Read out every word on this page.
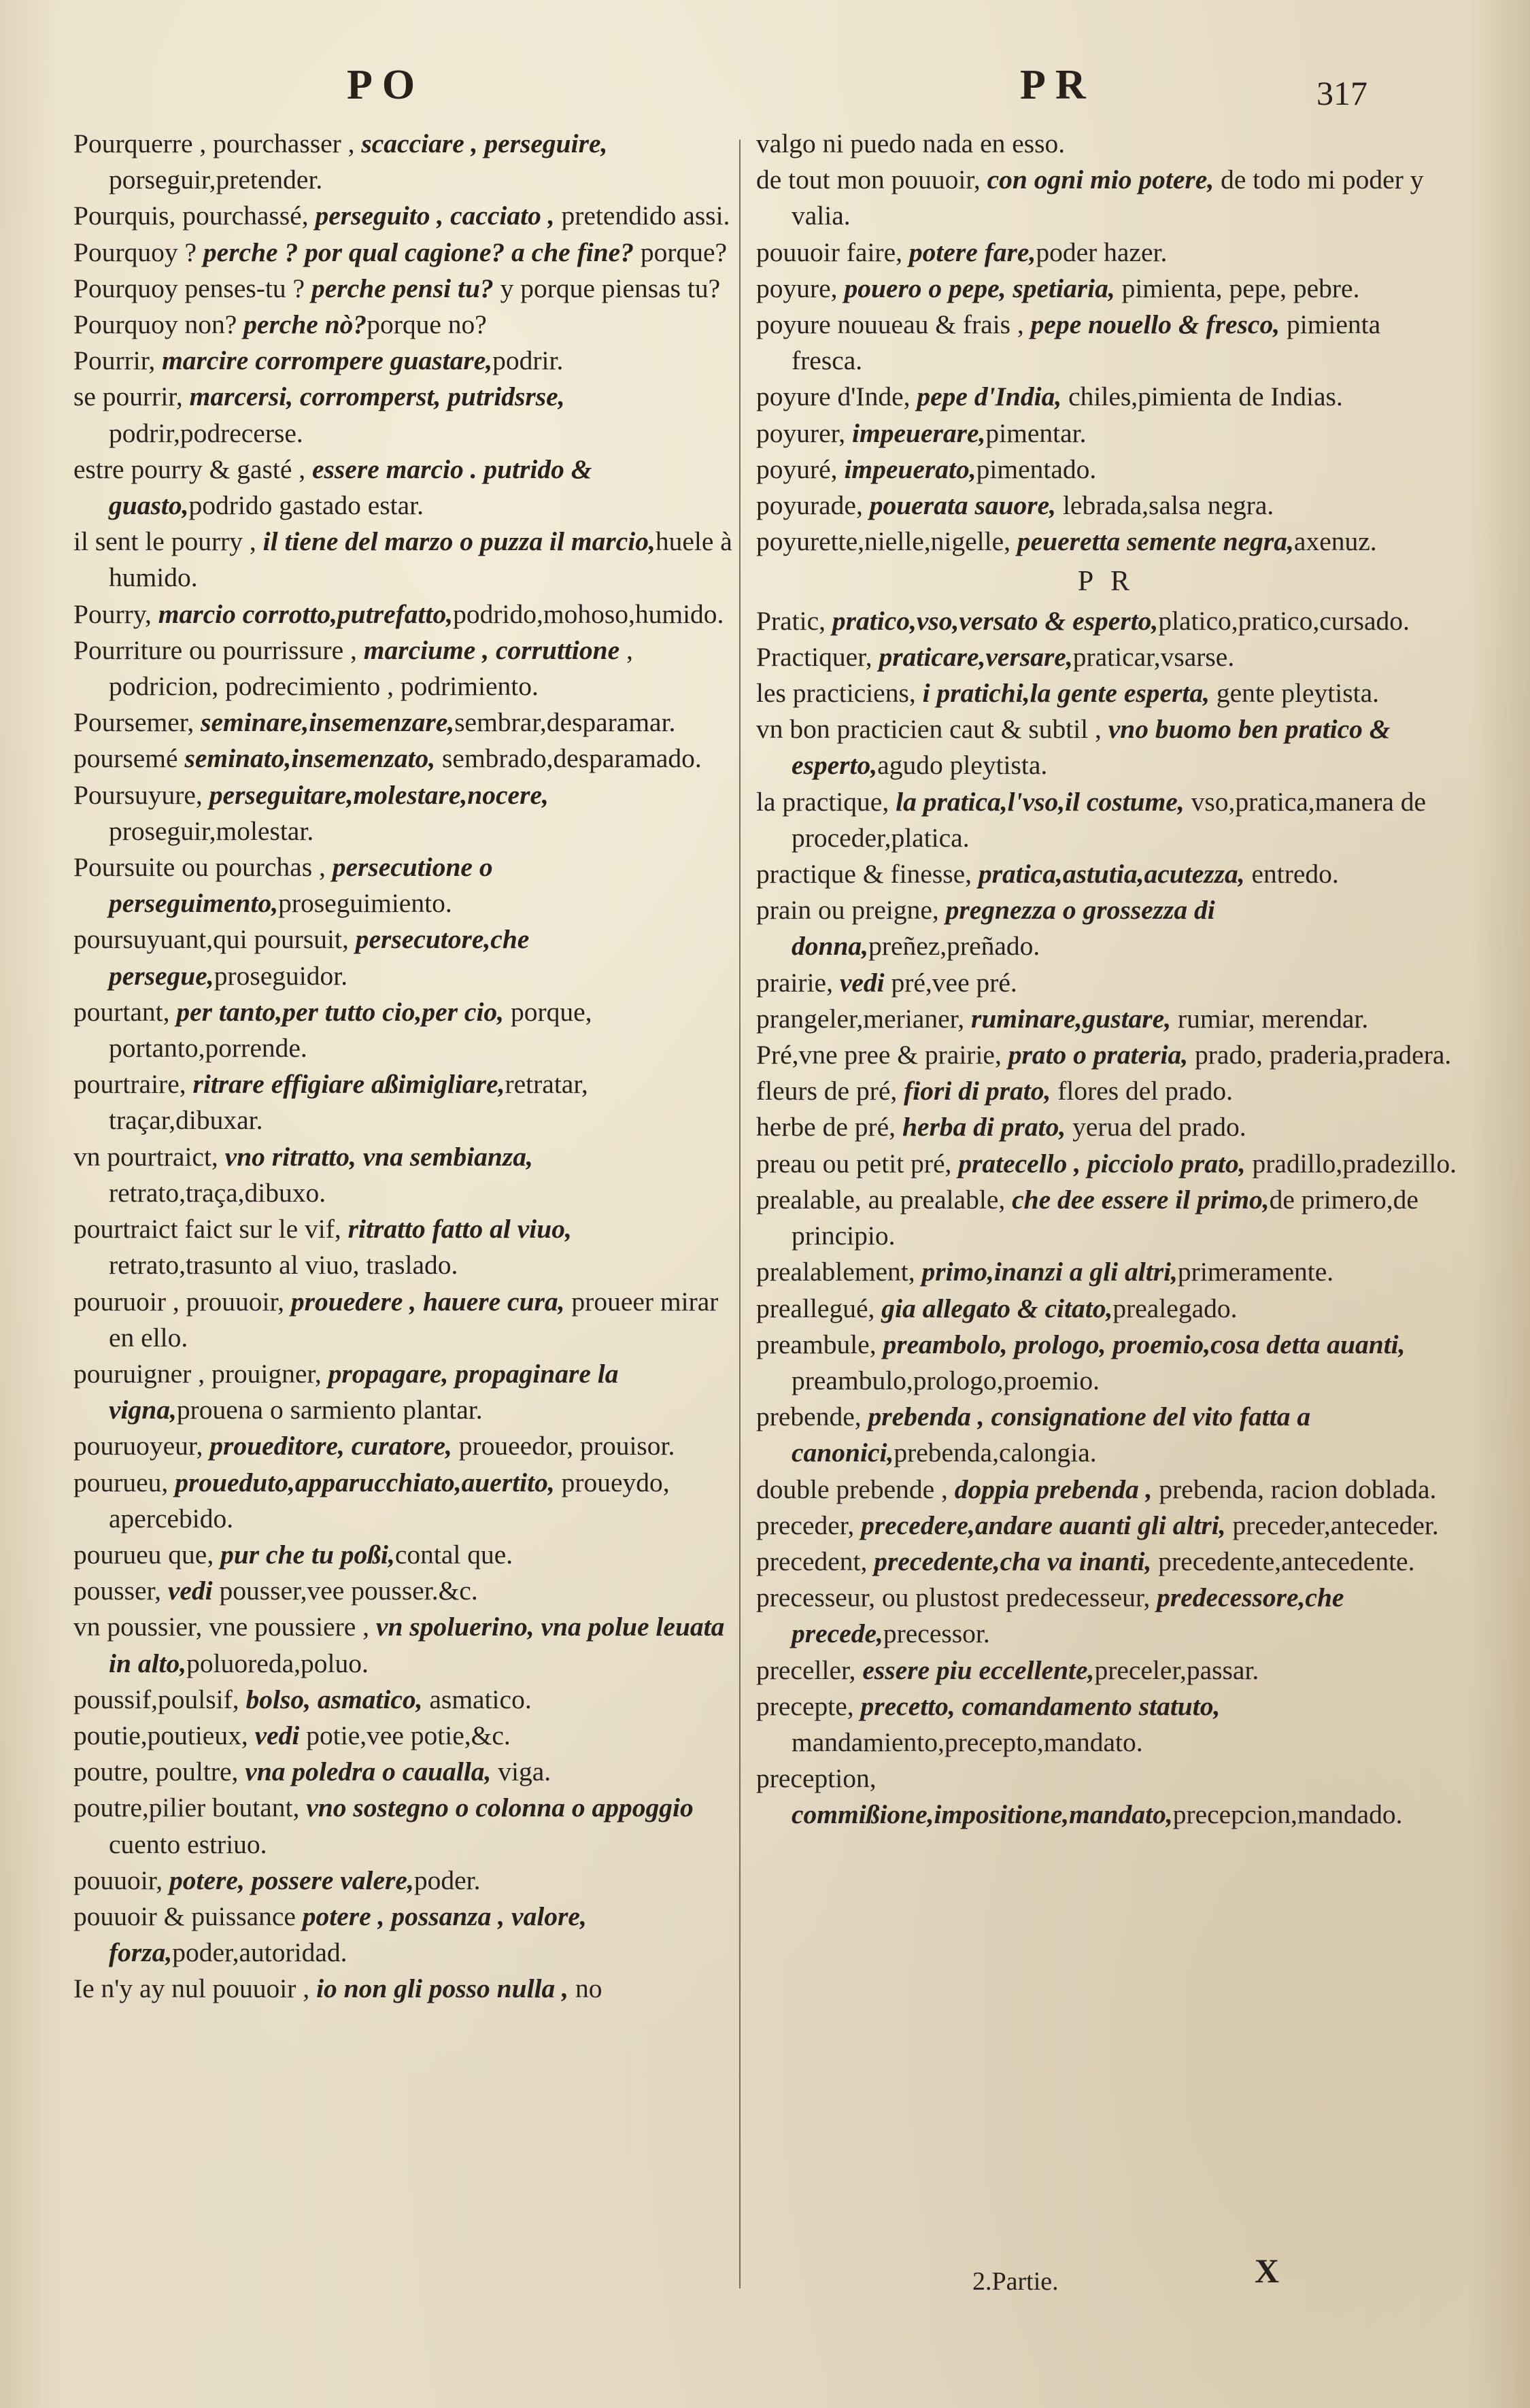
PO	PR	317

Pourquerre , pourchasser , scacciare , perseguire, porseguir,pretender.

Pourquis, pourchassé, perseguito , cacciato , pretendido assi.

Pourquoy ? perche ? por qual cagione? a che fine? porque?

Pourquoy penses-tu ? perche pensi tu? y porque piensas tu?

Pourquoy non? perche nò?porque no?

Pourrir, marcire corrompere guastare,podrir.

se pourrir, marcersi, corromperst, putridsrse, podrir,podrecerse.

estre pourry & gasté , essere marcio . putrido & guasto,podrido gastado estar.

il sent le pourry , il tiene del marzo o puzza il marcio,huele à humido.

Pourry, marcio corrotto,putrefatto,podrido,mohoso,humido.

Pourriture ou pourrissure , marciume , corruttione , podricion, podrecimiento , podrimiento.

Poursemer, seminare,insemenzare,sembrar,desparamar.

poursemé seminato,insemenzato, sembrado,desparamado.

Poursuyure, perseguitare,molestare,nocere, proseguir,molestar.

Poursuite ou pourchas , persecutione o perseguimento,proseguimiento.

poursuyuant,qui poursuit, persecutore,che persegue,proseguidor.

pourtant, per tanto,per tutto cio,per cio, porque, portanto,porrende.

pourtraire, ritrare effigiare aßimigliare,retratar, traçar,dibuxar.

vn pourtraict, vno ritratto, vna sembianza, retrato,traça,dibuxo.

pourtraict faict sur le vif, ritratto fatto al viuo, retrato,trasunto al viuo, traslado.

pouruoir , prouuoir, prouedere , hauere cura, proueer mirar en ello.

pouruigner , prouigner, propagare, propaginare la vigna,prouena o sarmiento plantar.

pouruoyeur, proueditore, curatore, proueedor, prouisor.

pourueu, proueduto,apparucchiato,auertito, proueydo, apercebido.

pourueu que, pur che tu poßi,contal que.

pousser, vedi pousser,vee pousser.&c.

vn poussier, vne poussiere , vn spoluerino, vna polue leuata in alto,poluoreda,poluo.

poussif,poulsif, bolso, asmatico, asmatico.

poutie,poutieux, vedi potie,vee potie,&c.

poutre, poultre, vna poledra o caualla, viga.

poutre,pilier boutant, vno sostegno o colonna o appoggio cuento estriuo.

pouuoir, potere, possere valere,poder.

pouuoir & puissance potere , possanza , valore, forza,poder,autoridad.

Ie n'y ay nul pouuoir , io non gli posso nulla , no

valgo ni puedo nada en esso.

de tout mon pouuoir, con ogni mio potere, de todo mi poder y valia.

pouuoir faire, potere fare,poder hazer.

poyure, pouero o pepe, spetiaria, pimienta, pepe, pebre.

poyure nouueau & frais , pepe nouello & fresco, pimienta fresca.

poyure d'Inde, pepe d'India, chiles,pimienta de Indias.

poyurer, impeuerare,pimentar.

poyuré, impeuerato,pimentado.

poyurade, pouerata sauore, lebrada,salsa negra.

poyurette,nielle,nigelle, peueretta semente negra,axenuz.

P R

Pratic, pratico,vso,versato & esperto,platico,pratico,cursado.

Practiquer, praticare,versare,praticar,vsarse.

les practiciens, i pratichi,la gente esperta, gente pleytista.

vn bon practicien caut & subtil , vno buomo ben pratico & esperto,agudo pleytista.

la practique, la pratica,l'vso,il costume, vso,pratica,manera de proceder,platica.

practique & finesse, pratica,astutia,acutezza, entredo.

prain ou preigne, pregnezza o grossezza di donna,preñez,preñado.

prairie, vedi pré,vee pré.

prangeler,merianer, ruminare,gustare, rumiar, merendar.

Pré,vne pree & prairie, prato o prateria, prado, praderia,pradera.

fleurs de pré, fiori di prato, flores del prado.

herbe de pré, herba di prato, yerua del prado.

preau ou petit pré, pratecello , picciolo prato, pradillo,pradezillo.

prealable, au prealable, che dee essere il primo,de primero,de principio.

prealablement, primo,inanzi a gli altri,primeramente.

preallegué, gia allegato & citato,prealegado.

preambule, preambolo, prologo, proemio,cosa detta auanti, preambulo,prologo,proemio.

prebende, prebenda , consignatione del vito fatta a canonici,prebenda,calongia.

double prebende , doppia prebenda , prebenda, racion doblada.

preceder, precedere,andare auanti gli altri, preceder,anteceder.

precedent, precedente,cha va inanti, precedente,antecedente.

precesseur, ou plustost predecesseur, predecessore,che precede,precessor.

preceller, essere piu eccellente,preceler,passar.

precepte, precetto, comandamento statuto, mandamiento,precepto,mandato.

preception, commißione,impositione,mandato,precepcion,mandado.

2.Partie.	X
